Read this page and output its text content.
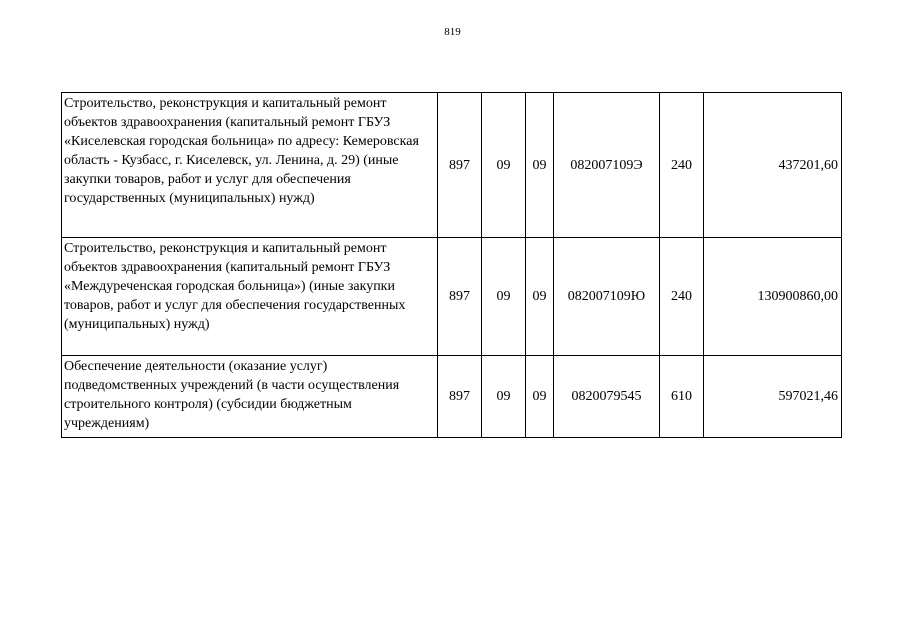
819
Строительство, реконструкция и капитальный ремонт объектов здравоохранения (капитальный ремонт ГБУЗ «Киселевская городская больница» по адресу: Кемеровская область - Кузбасс, г. Киселевск, ул. Ленина, д. 29) (иные закупки товаров, работ и услуг для обеспечения государственных (муниципальных) нужд)	897	09	09	082007109Э	240	437201,60
Строительство, реконструкция и капитальный ремонт объектов здравоохранения (капитальный ремонт ГБУЗ «Междуреченская городская больница») (иные закупки товаров, работ и услуг для обеспечения государственных (муниципальных) нужд)	897	09	09	082007109Ю	240	130900860,00
Обеспечение деятельности (оказание услуг) подведомственных учреждений (в части осуществления строительного контроля) (субсидии бюджетным учреждениям)	897	09	09	0820079545	610	597021,46
